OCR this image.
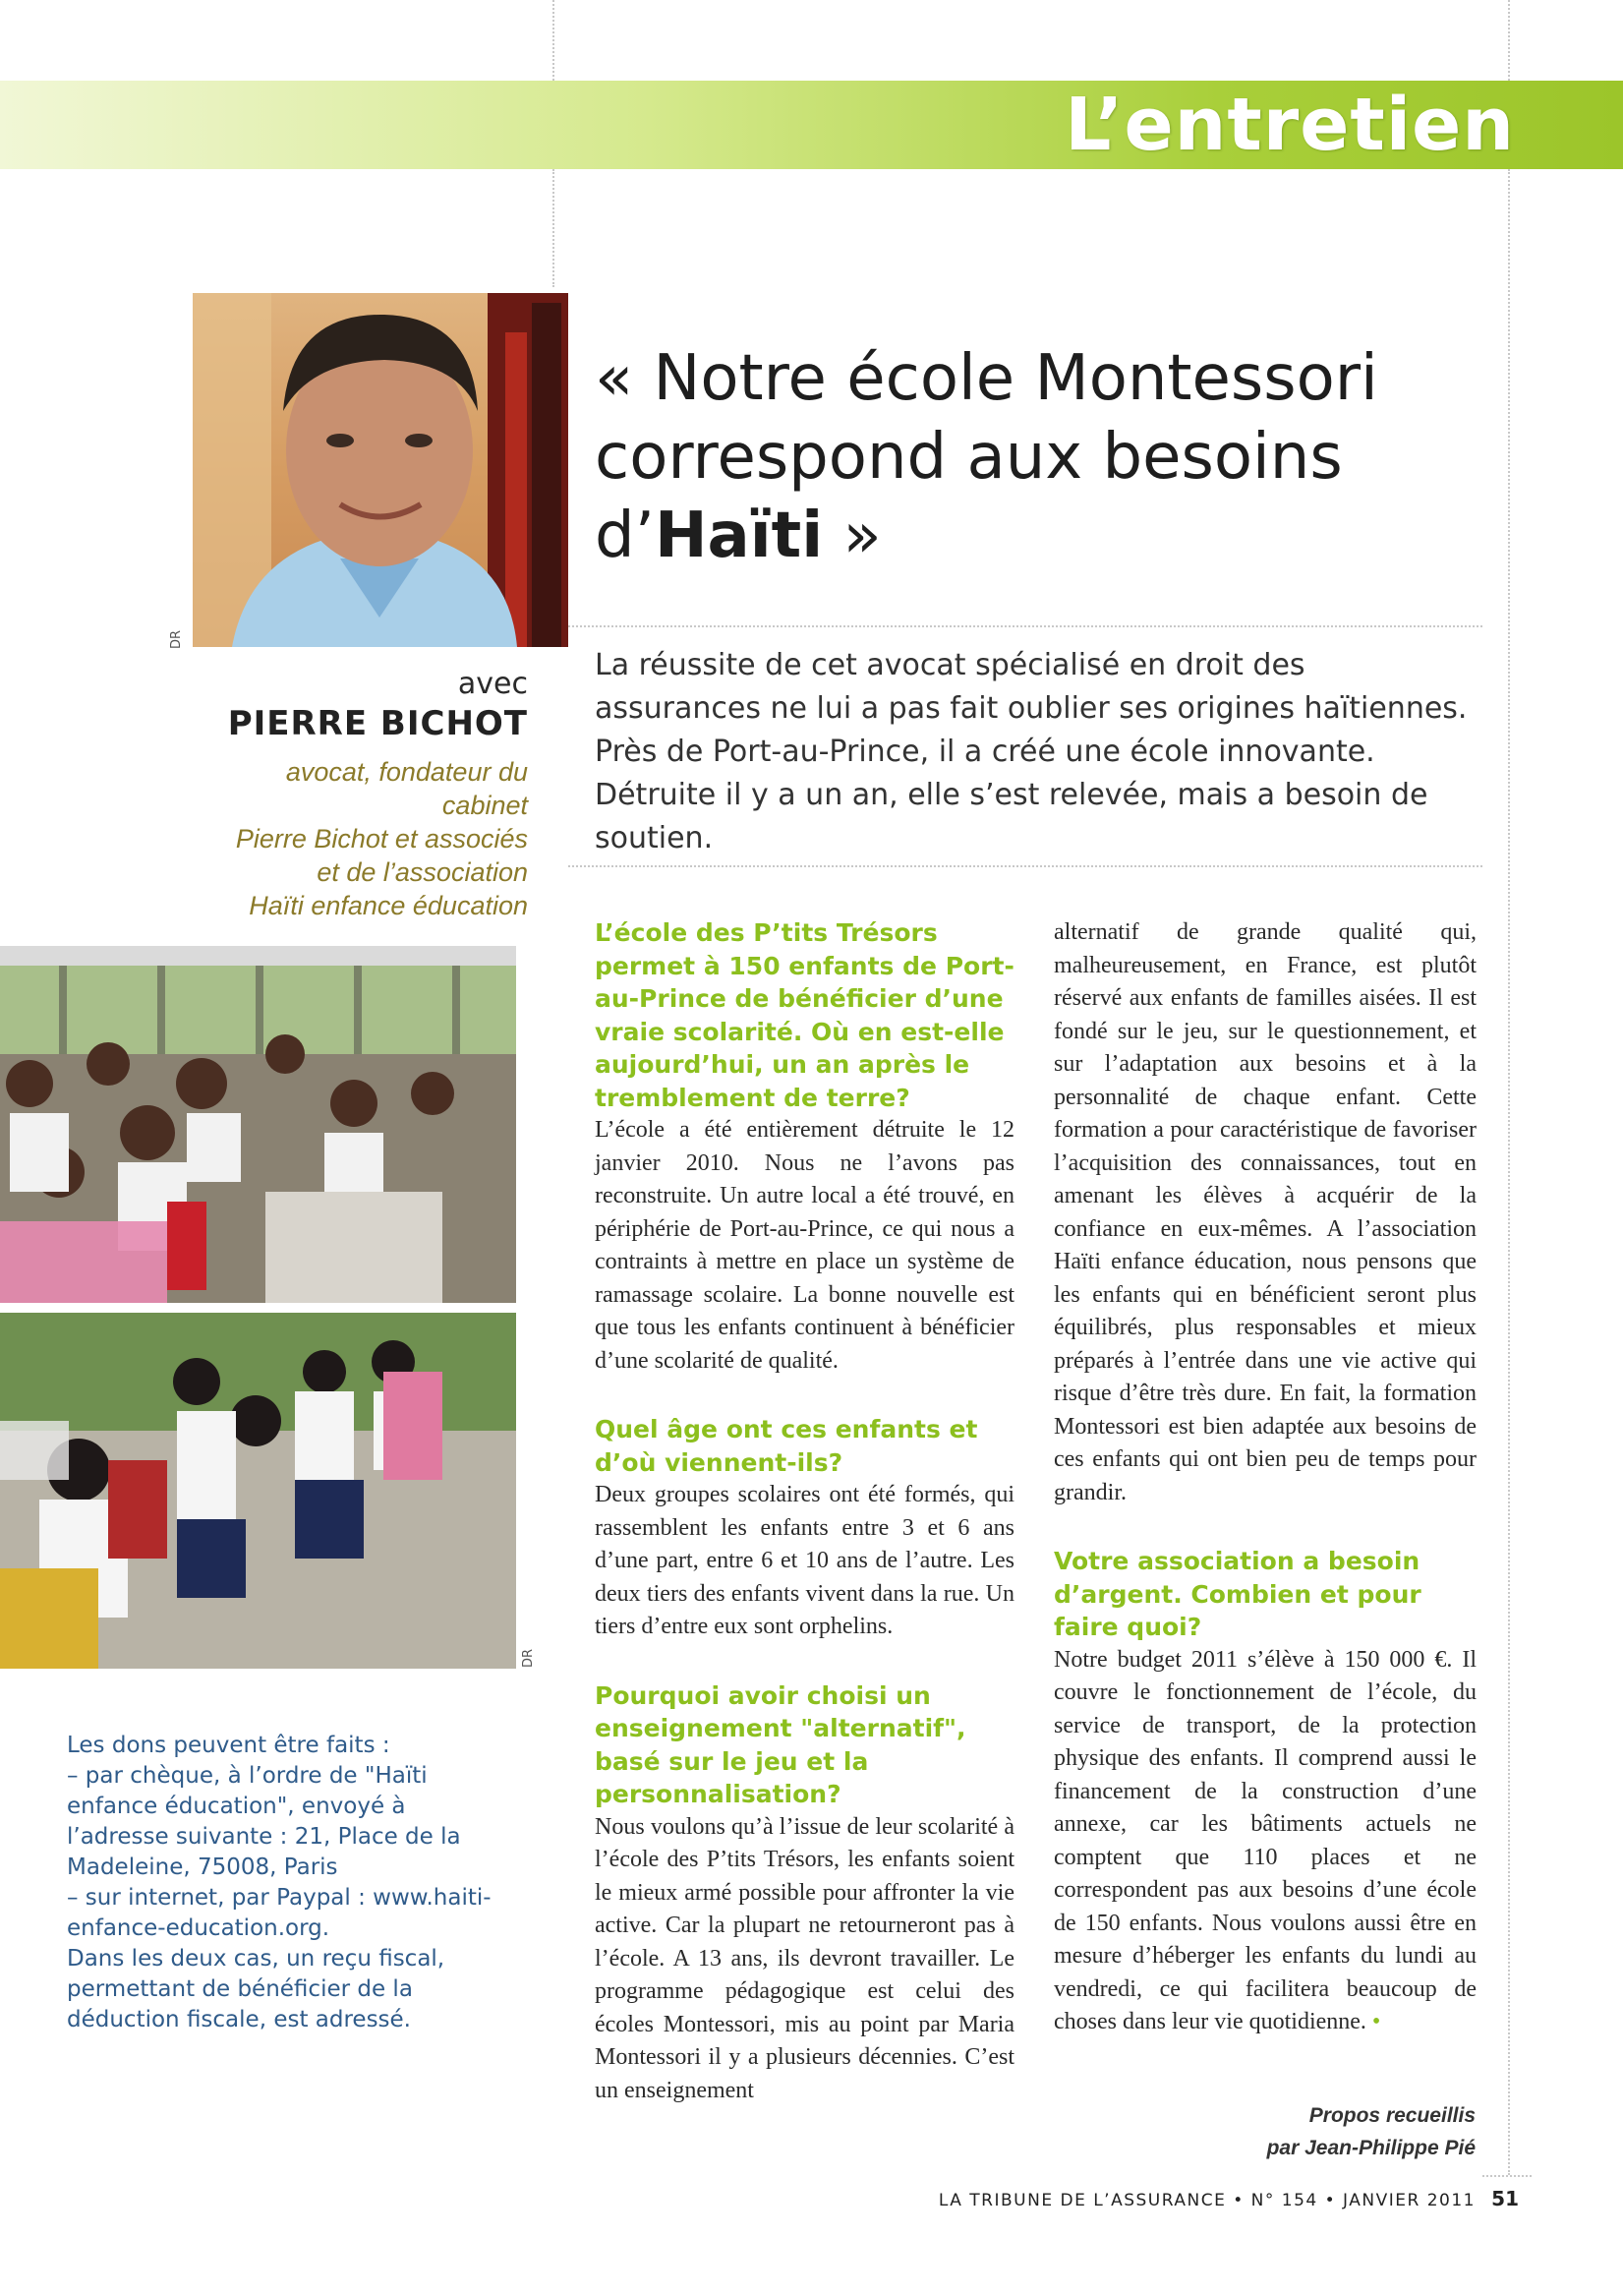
L’entretien
DR
avec
PIERRE BICHOT
avocat, fondateur du cabinet
Pierre Bichot et associés
et de l’association
Haïti enfance éducation
« Notre école Montessori
correspond aux besoins
d’Haïti »
La réussite de cet avocat spécialisé en droit des assurances ne lui a pas fait oublier ses origines haïtiennes. Près de Port-au-Prince, il a créé une école innovante. Détruite il y a un an, elle s’est relevée, mais a besoin de soutien.
DR

L’école des P’tits Trésors permet à 150 enfants de Port-au-Prince de bénéficier d’une vraie scolarité. Où en est-elle aujourd’hui, un an après le tremblement de terre?

L’école a été entièrement détruite le 12 janvier 2010. Nous ne l’avons pas reconstruite. Un autre local a été trouvé, en périphérie de Port-au-Prince, ce qui nous a contraints à mettre en place un système de ramassage scolaire. La bonne nouvelle est que tous les enfants continuent à bénéficier d’une scolarité de qualité.

Quel âge ont ces enfants et d’où viennent-ils?

Deux groupes scolaires ont été formés, qui rassemblent les enfants entre 3 et 6 ans d’une part, entre 6 et 10 ans de l’autre. Les deux tiers des enfants vivent dans la rue. Un tiers d’entre eux sont orphelins.

Pourquoi avoir choisi un enseignement "alternatif", basé sur le jeu et la personnalisation?

Nous voulons qu’à l’issue de leur scolarité à l’école des P’tits Trésors, les enfants soient le mieux armé possible pour affronter la vie active. Car la plupart ne retourneront pas à l’école. A 13 ans, ils devront travailler. Le programme pédagogique est celui des écoles Montessori, mis au point par Maria Montessori il y a plusieurs décennies. C’est un enseignement

alternatif de grande qualité qui, malheureusement, en France, est plutôt réservé aux enfants de familles aisées. Il est fondé sur le jeu, sur le questionnement, et sur l’adaptation aux besoins et à la personnalité de chaque enfant. Cette formation a pour caractéristique de favoriser l’acquisition des connaissances, tout en amenant les élèves à acquérir de la confiance en eux-mêmes. A l’association Haïti enfance éducation, nous pensons que les enfants qui en bénéficient seront plus équilibrés, plus responsables et mieux préparés à l’entrée dans une vie active qui risque d’être très dure. En fait, la formation Montessori est bien adaptée aux besoins de ces enfants qui ont bien peu de temps pour grandir.

Votre association a besoin d’argent. Combien et pour faire quoi?

Notre budget 2011 s’élève à 150 000 €. Il couvre le fonctionnement de l’école, du service de transport, de la protection physique des enfants. Il comprend aussi le financement de la construction d’une annexe, car les bâtiments actuels ne comptent que 110 places et ne correspondent pas aux besoins d’une école de 150 enfants. Nous voulons aussi être en mesure d’héberger les enfants du lundi au vendredi, ce qui facilitera beaucoup de choses dans leur vie quotidienne. •

Propos recueillis
par Jean-Philippe Pié

Les dons peuvent être faits :

– par chèque, à l’ordre de "Haïti enfance éducation", envoyé à l’adresse suivante : 21, Place de la Madeleine, 75008, Paris

– sur internet, par Paypal : www.haiti-enfance-education.org.

Dans les deux cas, un reçu fiscal, permettant de bénéficier de la déduction fiscale, est adressé.

LA TRIBUNE DE L’ASSURANCE • N° 154 • JANVIER 2011 51
